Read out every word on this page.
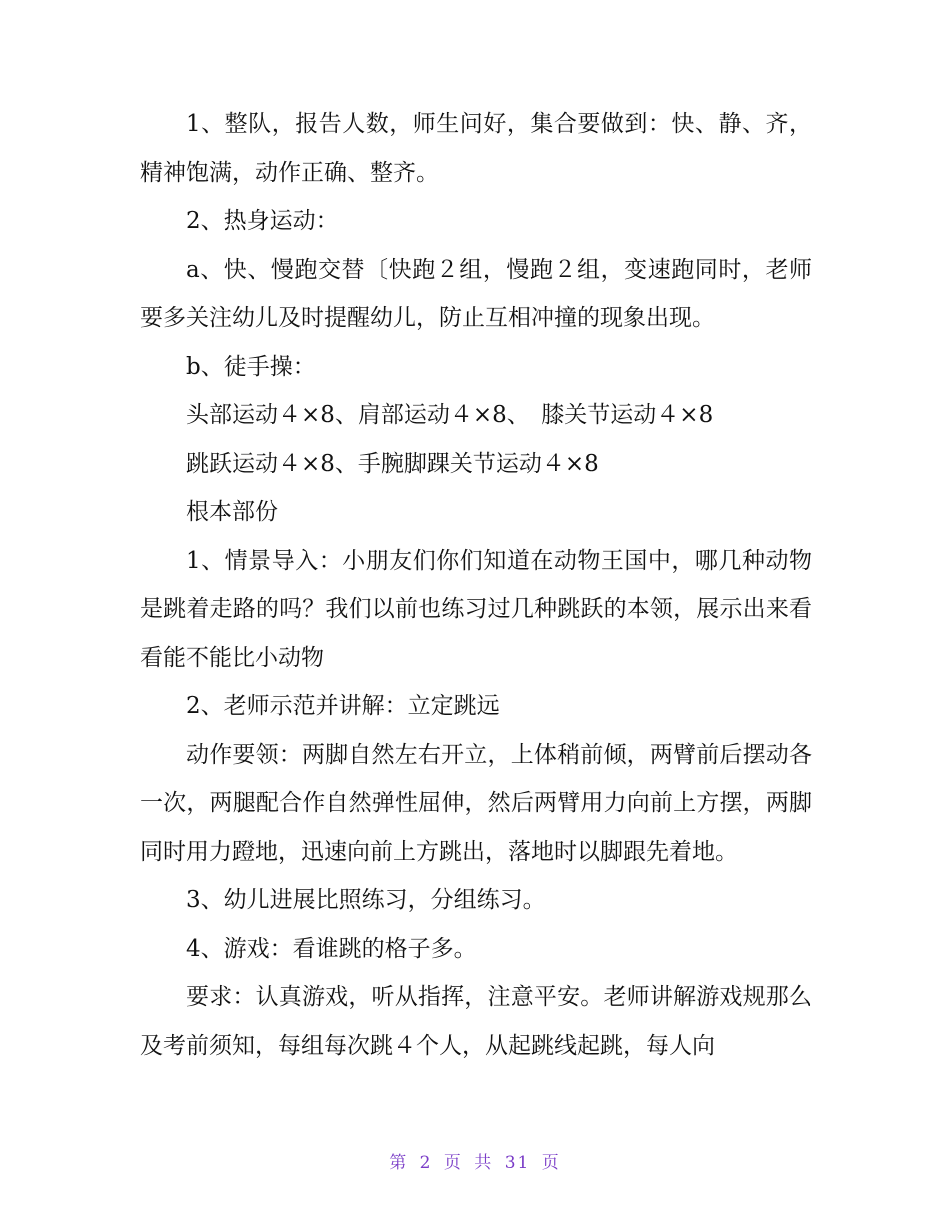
1、整队，报告人数，师生问好，集合要做到：快、静、齐，精神饱满，动作正确、整齐。

2、热身运动：

a、快、慢跑交替〔快跑２组，慢跑２组，变速跑同时，老师要多关注幼儿及时提醒幼儿，防止互相冲撞的现象出现。

b、徒手操：

头部运动４×8、肩部运动４×8、　膝关节运动４×8

跳跃运动４×8、手腕脚踝关节运动４×8

根本部份

1、情景导入：小朋友们你们知道在动物王国中，哪几种动物是跳着走路的吗？我们以前也练习过几种跳跃的本领，展示出来看看能不能比小动物

2、老师示范并讲解：立定跳远

动作要领：两脚自然左右开立，上体稍前倾，两臂前后摆动各一次，两腿配合作自然弹性屈伸，然后两臂用力向前上方摆，两脚同时用力蹬地，迅速向前上方跳出，落地时以脚跟先着地。

3、幼儿进展比照练习，分组练习。

4、游戏：看谁跳的格子多。

要求：认真游戏，听从指挥，注意平安。老师讲解游戏规那么及考前须知，每组每次跳４个人，从起跳线起跳，每人向

第 2 页 共 31 页
